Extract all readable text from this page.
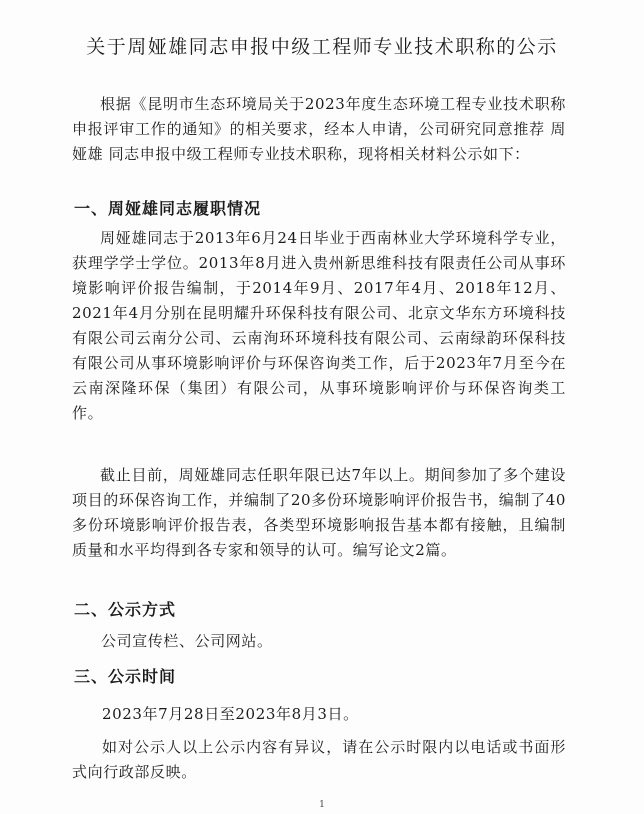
关于周娅雄同志申报中级工程师专业技术职称的公示
根据《昆明市生态环境局关于2023年度生态环境工程专业技术职称申报评审工作的通知》的相关要求，经本人申请，公司研究同意推荐 周娅雄 同志申报中级工程师专业技术职称，现将相关材料公示如下：
一、周娅雄同志履职情况
周娅雄同志于2013年6月24日毕业于西南林业大学环境科学专业，获理学学士学位。2013年8月进入贵州新思维科技有限责任公司从事环境影响评价报告编制，于2014年9月、2017年4月、2018年12月、2021年4月分别在昆明耀升环保科技有限公司、北京文华东方环境科技有限公司云南分公司、云南洵环环境科技有限公司、云南绿韵环保科技有限公司从事环境影响评价与环保咨询类工作，后于2023年7月至今在云南深隆环保（集团）有限公司，从事环境影响评价与环保咨询类工作。
截止目前，周娅雄同志任职年限已达7年以上。期间参加了多个建设项目的环保咨询工作，并编制了20多份环境影响评价报告书，编制了40多份环境影响评价报告表，各类型环境影响报告基本都有接触，且编制质量和水平均得到各专家和领导的认可。编写论文2篇。
二、公示方式
公司宣传栏、公司网站。
三、公示时间
2023年7月28日至2023年8月3日。
如对公示人以上公示内容有异议，请在公示时限内以电话或书面形式向行政部反映。
1
